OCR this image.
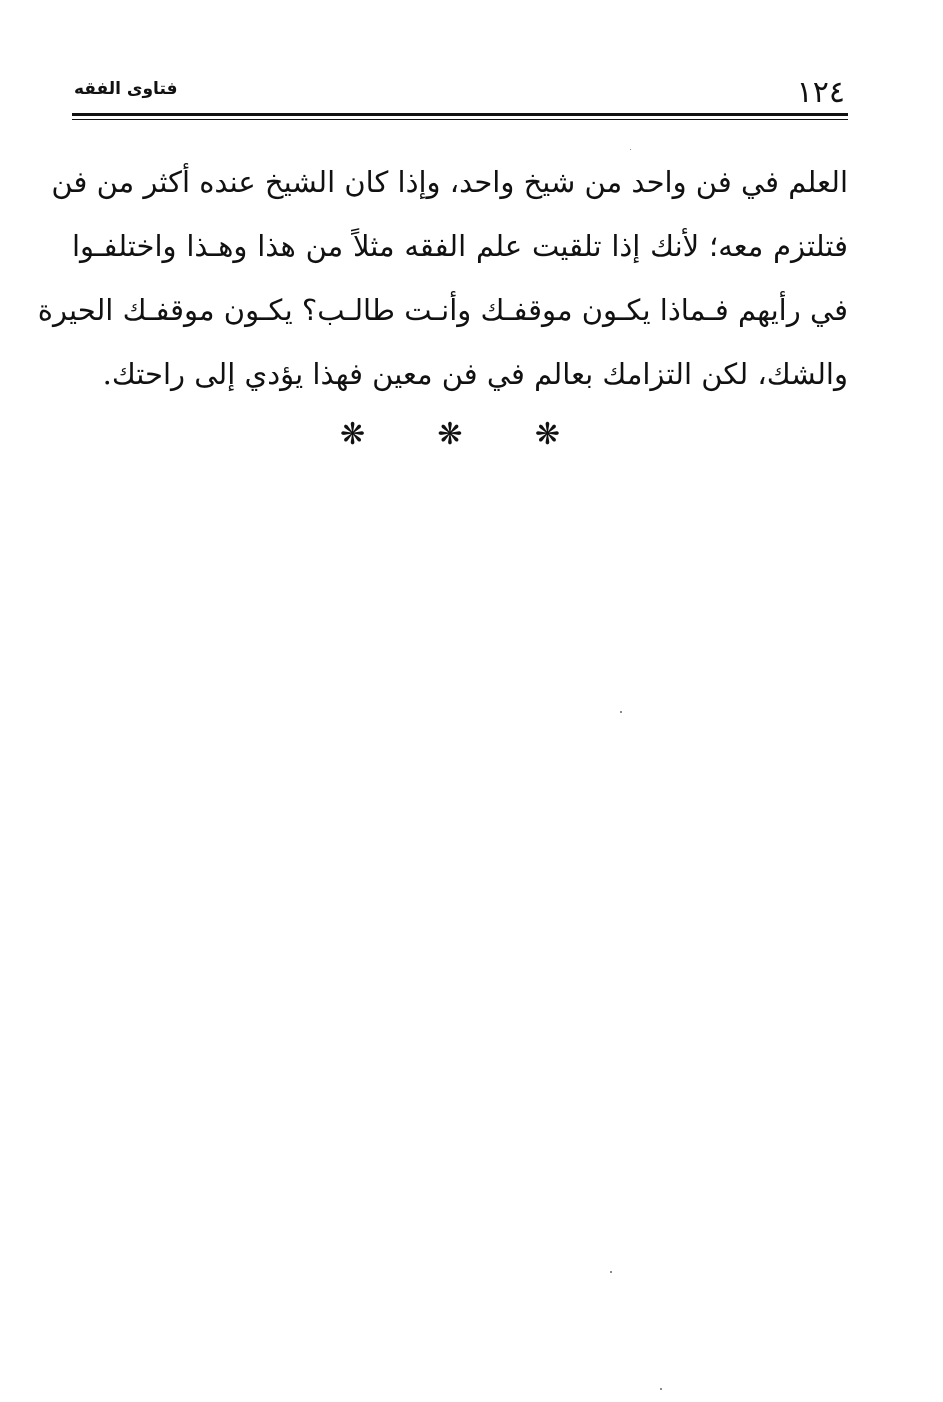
١٢٤
فتاوى الفقه
العلم في فن واحد من شيخ واحد، وإذا كان الشيخ عنده أكثر من فن
فتلتزم معه؛ لأنك إذا تلقيت علم الفقه مثلاً من هذا وهـذا واختلفـوا
في رأيهم فـماذا يكـون موقفـك وأنـت طالـب؟ يكـون موقفـك الحيرة
والشك، لكن التزامك بعالم في فن معين فهذا يؤدي إلى راحتك.
❋ ❋ ❋
